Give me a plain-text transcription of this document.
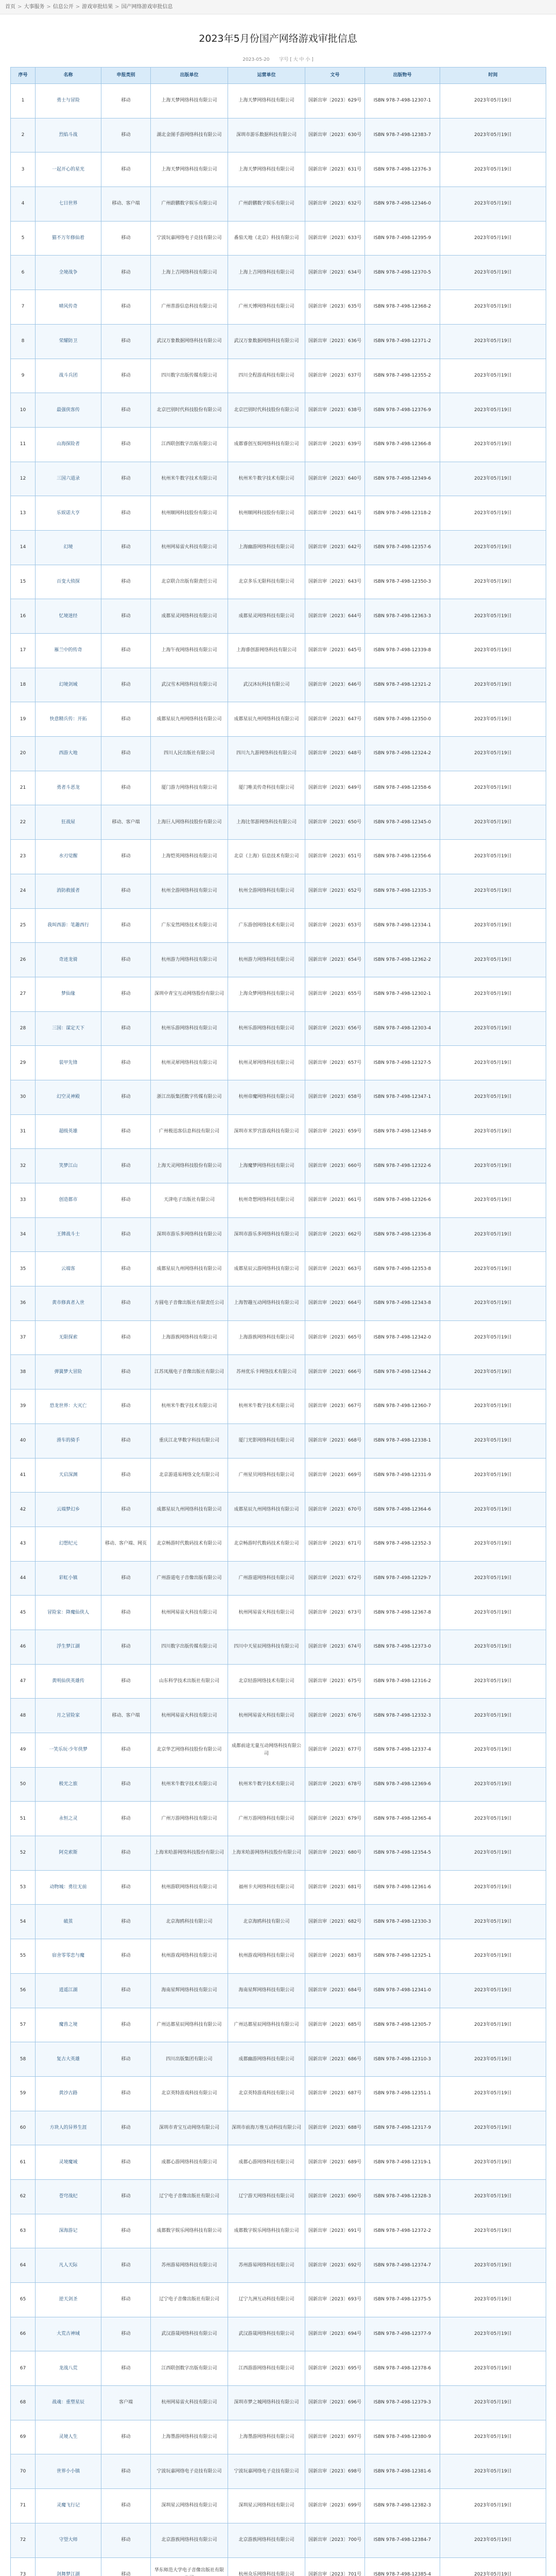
首页 > 大事服务 > 信息公开 > 游戏审批结果 > 国产网络游戏审批信息
2023年5月份国产网络游戏审批信息
2023-05-20 字号 [ 大 中 小 ]
序号	名称	申报类别	出版单位	运营单位	文号	出版物号	时间
1	勇士与冒险	移动	上海天梦网络科技有限公司	上海天梦网络科技有限公司	国新出审〔2023〕629号	ISBN 978-7-498-12307-1	2023年05月19日
2	烈焰斗战	移动	湖北金图手游网络科技有限公司	深圳市游乐数据科技有限公司	国新出审〔2023〕630号	ISBN 978-7-498-12383-7	2023年05月19日
3	一起开心的星光	移动	上海天梦网络科技有限公司	上海天梦网络科技有限公司	国新出审〔2023〕631号	ISBN 978-7-498-12376-3	2023年05月19日
4	七日世界	移动、客户端	广州蔚鹏数字娱乐有限公司	广州蔚鹏数字娱乐有限公司	国新出审〔2023〕632号	ISBN 978-7-498-12346-0	2023年05月19日
5	猫不万年修仙着	移动	宁波玩嘉网络电子竞技有限公司	番茄天地（北京）科技有限公司	国新出审〔2023〕633号	ISBN 978-7-498-12395-9	2023年05月19日
6	全境战争	移动	上海上吉网络科技有限公司	上海上吉网络科技有限公司	国新出审〔2023〕634号	ISBN 978-7-498-12370-5	2023年05月19日
7	晴风传奇	移动	广州普游信息科技有限公司	广州天博网络科技有限公司	国新出审〔2023〕635号	ISBN 978-7-498-12368-2	2023年05月19日
8	荣耀防卫	移动	武汉万象数据网络科技有限公司	武汉万象数据网络科技有限公司	国新出审〔2023〕636号	ISBN 978-7-498-12371-2	2023年05月19日
9	战斗兵团	移动	四川数字出版传媒有限公司	四川全程游戏科技有限公司	国新出审〔2023〕637号	ISBN 978-7-498-12355-2	2023年05月19日
10	最强侠客传	移动	北京巴别时代科技股份有限公司	北京巴别时代科技股份有限公司	国新出审〔2023〕638号	ISBN 978-7-498-12376-9	2023年05月19日
11	山海探险者	移动	江西联创数字出版有限公司	成都睿创互娱网络科技有限公司	国新出审〔2023〕639号	ISBN 978-7-498-12366-8	2023年05月19日
12	三国六道录	移动	杭州米牛数字技术有限公司	杭州米牛数字技术有限公司	国新出审〔2023〕640号	ISBN 978-7-498-12349-6	2023年05月19日
13	乐娱诺大亨	移动	杭州顺网科技股份有限公司	杭州顺网科技股份有限公司	国新出审〔2023〕641号	ISBN 978-7-498-12318-2	2023年05月19日
14	幻境	移动	杭州网易雷火科技有限公司	上海幽游网络科技有限公司	国新出审〔2023〕642号	ISBN 978-7-498-12357-6	2023年05月19日
15	百变大侦探	移动	北京联合出版有限责任公司	北京多乐无限科技有限公司	国新出审〔2023〕643号	ISBN 978-7-498-12350-3	2023年05月19日
16	忆境迷经	移动	成都星灵网络科技有限公司	成都星灵网络科技有限公司	国新出审〔2023〕644号	ISBN 978-7-498-12363-3	2023年05月19日
17	雁兰中的传奇	移动	上海午夜网络科技有限公司	上海睿创游网络科技有限公司	国新出审〔2023〕645号	ISBN 978-7-498-12339-8	2023年05月19日
18	幻境剑域	移动	武汉雪木网络科技有限公司	武汉沐玩科技有限公司	国新出审〔2023〕646号	ISBN 978-7-498-12321-2	2023年05月19日
19	快意精兵传：开拓	移动	成都星辰九州网络科技有限公司	成都星辰九州网络科技有限公司	国新出审〔2023〕647号	ISBN 978-7-498-12350-0	2023年05月19日
20	西游大地	移动	四川人民出版社有限公司	四川九九游网络科技有限公司	国新出审〔2023〕648号	ISBN 978-7-498-12324-2	2023年05月19日
21	勇者斗恶龙	移动	厦门游力网络科技有限公司	厦门唯美传奇科技有限公司	国新出审〔2023〕649号	ISBN 978-7-498-12358-6	2023年05月19日
22	狂战屋	移动、客户端	上海巨人网络科技股份有限公司	上海比邻游网络科技有限公司	国新出审〔2023〕650号	ISBN 978-7-498-12345-0	2023年05月19日
23	水刃觉醒	移动	上海恺英网络科技有限公司	北京（上海）信息技术有限公司	国新出审〔2023〕651号	ISBN 978-7-498-12356-6	2023年05月19日
24	消防救援者	移动	杭州全游网络科技有限公司	杭州全游网络科技有限公司	国新出审〔2023〕652号	ISBN 978-7-498-12335-3	2023年05月19日
25	我叫西游：笔趣西行	移动	广东安然网络技术有限公司	广东游创网络技术有限公司	国新出审〔2023〕653号	ISBN 978-7-498-12334-1	2023年05月19日
26	奇迹龙骑	移动	杭州游力网络科技有限公司	杭州游力网络科技有限公司	国新出审〔2023〕654号	ISBN 978-7-498-12362-2	2023年05月19日
27	梦仙缘	移动	深圳中青宝互动网络股份有限公司	上海众梦网络科技有限公司	国新出审〔2023〕655号	ISBN 978-7-498-12302-1	2023年05月19日
28	三国：谋定天下	移动	杭州乐游网络科技有限公司	杭州乐游网络科技有限公司	国新出审〔2023〕656号	ISBN 978-7-498-12303-4	2023年05月19日
29	装甲先锋	移动	杭州灵犀网络科技有限公司	杭州灵犀网络科技有限公司	国新出审〔2023〕657号	ISBN 978-7-498-12327-5	2023年05月19日
30	幻空灵神殿	移动	浙江出版集团数字传媒有限公司	杭州帝魔网络科技有限公司	国新出审〔2023〕658号	ISBN 978-7-498-12347-1	2023年05月19日
31	超级英雄	移动	广州极迅客信息科技有限公司	深圳市米罗宫游戏科技有限公司	国新出审〔2023〕659号	ISBN 978-7-498-12348-9	2023年05月19日
32	笑梦江山	移动	上海天灵网络科技股份有限公司	上海魔梦网络科技有限公司	国新出审〔2023〕660号	ISBN 978-7-498-12322-6	2023年05月19日
33	创造都市	移动	天津电子出版社有限公司	杭州奇想网络科技有限公司	国新出审〔2023〕661号	ISBN 978-7-498-12326-6	2023年05月19日
34	王牌战斗士	移动	深圳市游乐多网络科技有限公司	深圳市游乐多网络科技有限公司	国新出审〔2023〕662号	ISBN 978-7-498-12336-8	2023年05月19日
35	云端客	移动	成都星辰九州网络科技有限公司	成都星辰云游网络科技有限公司	国新出审〔2023〕663号	ISBN 978-7-498-12353-8	2023年05月19日
36	黄市修真者入世	移动	方圆电子音像出版社有限责任公司	上海智趣互动网络科技有限公司	国新出审〔2023〕664号	ISBN 978-7-498-12343-8	2023年05月19日
37	无限探索	移动	上海游族网络科技有限公司	上海游族网络科技有限公司	国新出审〔2023〕665号	ISBN 978-7-498-12342-0	2023年05月19日
38	弹簧梦大冒险	移动	江苏凤凰电子音像出版社有限公司	苏州优乐卡网络技术有限公司	国新出审〔2023〕666号	ISBN 978-7-498-12344-2	2023年05月19日
39	恐龙世界：大灭亡	移动	杭州米牛数字技术有限公司	杭州米牛数字技术有限公司	国新出审〔2023〕667号	ISBN 978-7-498-12360-7	2023年05月19日
40	滑车的骑手	移动	重庆江北华数字科技有限公司	厦门光影网络科技有限公司	国新出审〔2023〕668号	ISBN 978-7-498-12338-1	2023年05月19日
41	天启深渊	移动	北京游道易网络文化有限公司	广州星贝网络科技有限公司	国新出审〔2023〕669号	ISBN 978-7-498-12331-9	2023年05月19日
42	云端梦幻乡	移动	成都星辰九州网络科技有限公司	成都星辰九州网络科技有限公司	国新出审〔2023〕670号	ISBN 978-7-498-12364-6	2023年05月19日
43	幻想纪元	移动、客户端、网页	北京畅游时代数码技术有限公司	北京畅游时代数码技术有限公司	国新出审〔2023〕671号	ISBN 978-7-498-12352-3	2023年05月19日
44	彩虹小镇	移动	广州游道电子音像出版有限公司	广州游道网络科技有限公司	国新出审〔2023〕672号	ISBN 978-7-498-12329-7	2023年05月19日
45	冒险家：降魔仙侠人	移动	杭州网易雷火科技有限公司	杭州网易雷火科技有限公司	国新出审〔2023〕673号	ISBN 978-7-498-12367-8	2023年05月19日
46	浮生梦江湖	移动	四川数字出版传媒有限公司	四川中天星辰网络科技有限公司	国新出审〔2023〕674号	ISBN 978-7-498-12373-0	2023年05月19日
47	黄明仙侠英雄传	移动	山东科学技术出版社有限公司	北京轻游网络技术有限公司	国新出审〔2023〕675号	ISBN 978-7-498-12316-2	2023年05月19日
48	月之冒险家	移动、客户端	杭州网易雷火科技有限公司	杭州网易雷火科技有限公司	国新出审〔2023〕676号	ISBN 978-7-498-12332-3	2023年05月19日
49	一笑乐玩·少年侠梦	移动	北京华艺网络科技股份有限公司	成都前途无量互动网络科技有限公司	国新出审〔2023〕677号	ISBN 978-7-498-12337-4	2023年05月19日
50	极光之旅	移动	杭州米牛数字技术有限公司	杭州米牛数字技术有限公司	国新出审〔2023〕678号	ISBN 978-7-498-12369-6	2023年05月19日
51	永恒之灵	移动	广州万游网络科技有限公司	广州万游网络科技有限公司	国新出审〔2023〕679号	ISBN 978-7-498-12365-4	2023年05月19日
52	阿克索斯	移动	上海米哈游网络科技股份有限公司	上海米哈游网络科技股份有限公司	国新出审〔2023〕680号	ISBN 978-7-498-12354-5	2023年05月19日
53	动物城：勇往无前	移动	杭州游联网络科技有限公司	福州卡夫网络科技有限公司	国新出审〔2023〕681号	ISBN 978-7-498-12361-6	2023年05月19日
54	破茧	移动	北京海鸥科技有限公司	北京海鸥科技有限公司	国新出审〔2023〕682号	ISBN 978-7-498-12330-3	2023年05月19日
55	宿舍零零恋与魔	移动	杭州游戏网络科技有限公司	杭州游戏网络科技有限公司	国新出审〔2023〕683号	ISBN 978-7-498-12325-1	2023年05月19日
56	逍遥江湖	移动	海南星辉网络科技有限公司	海南星辉网络科技有限公司	国新出审〔2023〕684号	ISBN 978-7-498-12341-0	2023年05月19日
57	魔兽之境	移动	广州达都星辰网络科技有限公司	广州达都星辰网络科技有限公司	国新出审〔2023〕685号	ISBN 978-7-498-12305-7	2023年05月19日
58	复古大英雄	移动	四川出版集团有限公司	成都幽游网络科技有限公司	国新出审〔2023〕686号	ISBN 978-7-498-12310-3	2023年05月19日
59	黄沙古路	移动	北京英特游戏科技有限公司	北京英特游戏科技有限公司	国新出审〔2023〕687号	ISBN 978-7-498-12351-1	2023年05月19日
60	方块人的异界生涯	移动	深圳市青宝互动网络有限公司	深圳市前海万维互动科技有限公司	国新出审〔2023〕688号	ISBN 978-7-498-12317-9	2023年05月19日
61	灵境魔域	移动	成都心游网络科技有限公司	成都心游网络科技有限公司	国新出审〔2023〕689号	ISBN 978-7-498-12319-1	2023年05月19日
62	苍穹战纪	移动	辽宁电子音像出版社有限公司	辽宁游天网络科技有限公司	国新出审〔2023〕690号	ISBN 978-7-498-12328-3	2023年05月19日
63	深海游记	移动	成都数字娱乐网络科技有限公司	成都数字娱乐网络科技有限公司	国新出审〔2023〕691号	ISBN 978-7-498-12372-2	2023年05月19日
64	凡人天际	移动	苏州游易网络科技有限公司	苏州游易网络科技有限公司	国新出审〔2023〕692号	ISBN 978-7-498-12374-7	2023年05月19日
65	逆天剑圣	移动	辽宁电子音像出版社有限公司	辽宁九洲互动科技有限公司	国新出审〔2023〕693号	ISBN 978-7-498-12375-5	2023年05月19日
66	大荒古神域	移动	武汉游晟网络科技有限公司	武汉游晟网络科技有限公司	国新出审〔2023〕694号	ISBN 978-7-498-12377-9	2023年05月19日
67	龙战八荒	移动	江西联创数字出版有限公司	江西游游网络科技有限公司	国新出审〔2023〕695号	ISBN 978-7-498-12378-6	2023年05月19日
68	战魂：重塑星辰	客户端	杭州网易雷火科技有限公司	深圳市梦之城网络科技有限公司	国新出审〔2023〕696号	ISBN 978-7-498-12379-3	2023年05月19日
69	灵境人生	移动	上海墨游网络科技有限公司	上海墨游网络科技有限公司	国新出审〔2023〕697号	ISBN 978-7-498-12380-9	2023年05月19日
70	世界小小镇	移动	宁波玩嘉网络电子竞技有限公司	宁波玩嘉网络电子竞技有限公司	国新出审〔2023〕698号	ISBN 978-7-498-12381-6	2023年05月19日
71	灵魔飞行记	移动	深圳星云网络科技有限公司	深圳星云网络科技有限公司	国新出审〔2023〕699号	ISBN 978-7-498-12382-3	2023年05月19日
72	守望大师	移动	北京游族网络科技有限公司	北京游族网络科技有限公司	国新出审〔2023〕700号	ISBN 978-7-498-12384-7	2023年05月19日
73	剑舞梦江湖	移动	华东师范大学电子音像出版社有限	杭州众乐网络科技有限公司	国新出审〔2023〕701号	ISBN 978-7-498-12385-4	2023年05月19日
